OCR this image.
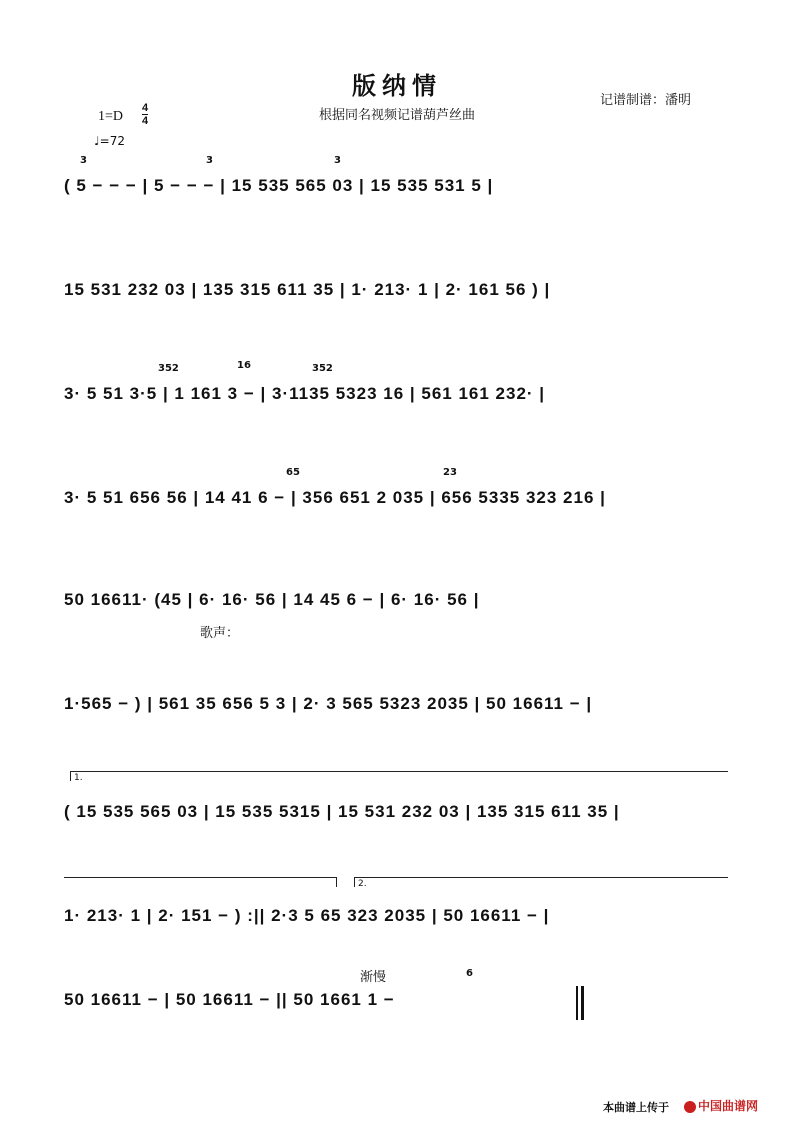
版纳情
根据同名视频记谱葫芦丝曲
记谱制谱：潘明
1=D
4
4
♩=72
3	3	3
352	16	352
65	23
6
( 5 − − − | 5 − − − | 15 535 565 03 | 15 535 531 5 |
15 531 232 03 | 135 315 611 35 | 1· 213· 1 | 2· 161 56 ) |
3· 5 51 3·5 | 1 161 3 − | 3·1135 5323 16 | 561 161 232· |
3· 5 51 656 56 | 14 41 6 − | 356 651 2 035 | 656 5335 323 216 |
50 16611· (45 | 6· 16· 56 | 14 45 6 − | 6· 16· 56 |
1·565 − ) | 561 35 656 5 3 | 2· 3 565 5323 2035 | 50 16611 − |
1.
( 15 535 565 03 | 15 535 5315 | 15 531 232 03 | 135 315 611 35 |
2.
1· 213· 1 | 2· 151 − ) :|| 2·3 5 65 323 2035 | 50 16611 − |
渐慢
50 16611 − | 50 16611 − || 50 1661 1 −
歌声：
本曲谱上传于	中国曲谱网
